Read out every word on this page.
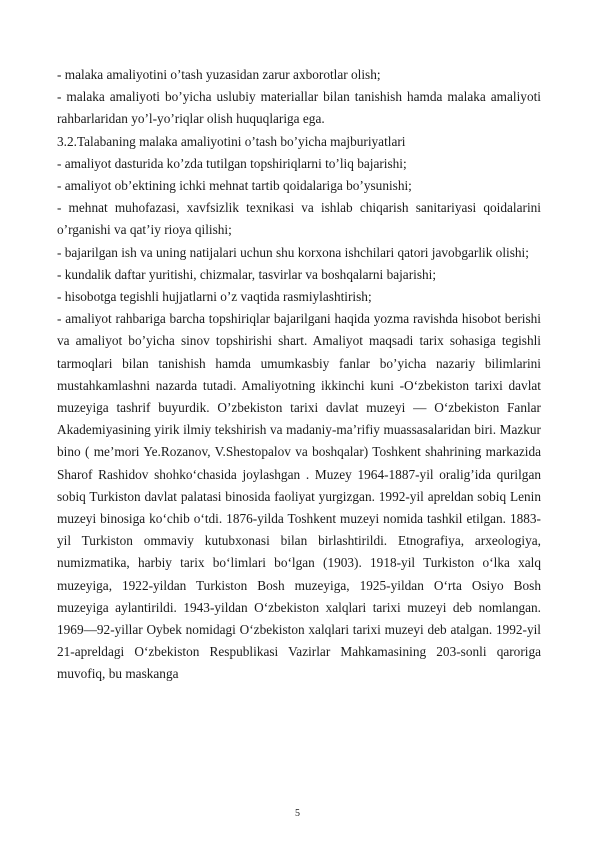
- malaka amaliyotini o’tash yuzasidan zarur axborotlar olish;

- malaka amaliyoti bo’yicha uslubiy materiallar bilan tanishish hamda malaka amaliyoti rahbarlaridan yo’l-yo’riqlar olish huquqlariga ega.

3.2.Talabaning malaka amaliyotini o’tash bo’yicha majburiyatlari

- amaliyot dasturida ko’zda tutilgan topshiriqlarni to’liq bajarishi;

- amaliyot ob’ektining ichki mehnat tartib qoidalariga bo’ysunishi;

- mehnat muhofazasi, xavfsizlik texnikasi va ishlab chiqarish sanitariyasi qoidalarini o’rganishi va qat’iy rioya qilishi;

- bajarilgan ish va uning natijalari uchun shu korxona ishchilari qatori javobgarlik olishi;

- kundalik daftar yuritishi, chizmalar, tasvirlar va boshqalarni bajarishi;

- hisobotga tegishli hujjatlarni o’z vaqtida rasmiylashtirish;

- amaliyot rahbariga barcha topshiriqlar bajarilgani haqida yozma ravishda hisobot berishi va amaliyot bo’yicha sinov topshirishi shart. Amaliyot maqsadi tarix sohasiga tegishli tarmoqlari bilan tanishish hamda umumkasbiy fanlar bo’yicha nazariy bilimlarini mustahkamlashni nazarda tutadi. Amaliyotning ikkinchi kuni -O‘zbekiston tarixi davlat muzeyiga tashrif buyurdik. O’zbekiston tarixi davlat muzeyi — Oʻzbekiston Fanlar Akademiyasining yirik ilmiy tekshirish va madaniy-ma’rifiy muassasalaridan biri. Mazkur bino ( me’mori Ye.Rozanov, V.Shestopalov va boshqalar) Toshkent shahrining markazida Sharof Rashidov shohkoʻchasida joylashgan . Muzey 1964-1887-yil oralig’ida qurilgan sobiq Turkiston davlat palatasi binosida faoliyat yurgizgan. 1992-yil apreldan sobiq Lenin muzeyi binosiga koʻchib oʻtdi. 1876-yilda Toshkent muzeyi nomida tashkil etilgan. 1883-yil Turkiston ommaviy kutubxonasi bilan birlashtirildi. Etnografiya, arxeologiya, numizmatika, harbiy tarix boʻlimlari boʻlgan (1903). 1918-yil Turkiston oʻlka xalq muzeyiga, 1922-yildan Turkiston Bosh muzeyiga, 1925-yildan Oʻrta Osiyo Bosh muzeyiga aylantirildi. 1943-yildan Oʻzbekiston xalqlari tarixi muzeyi deb nomlangan. 1969—92-yillar Oybek nomidagi Oʻzbekiston xalqlari tarixi muzeyi deb atalgan. 1992-yil 21-apreldagi Oʻzbekiston Respublikasi Vazirlar Mahkamasining 203-sonli qaroriga muvofiq, bu maskanga

5
